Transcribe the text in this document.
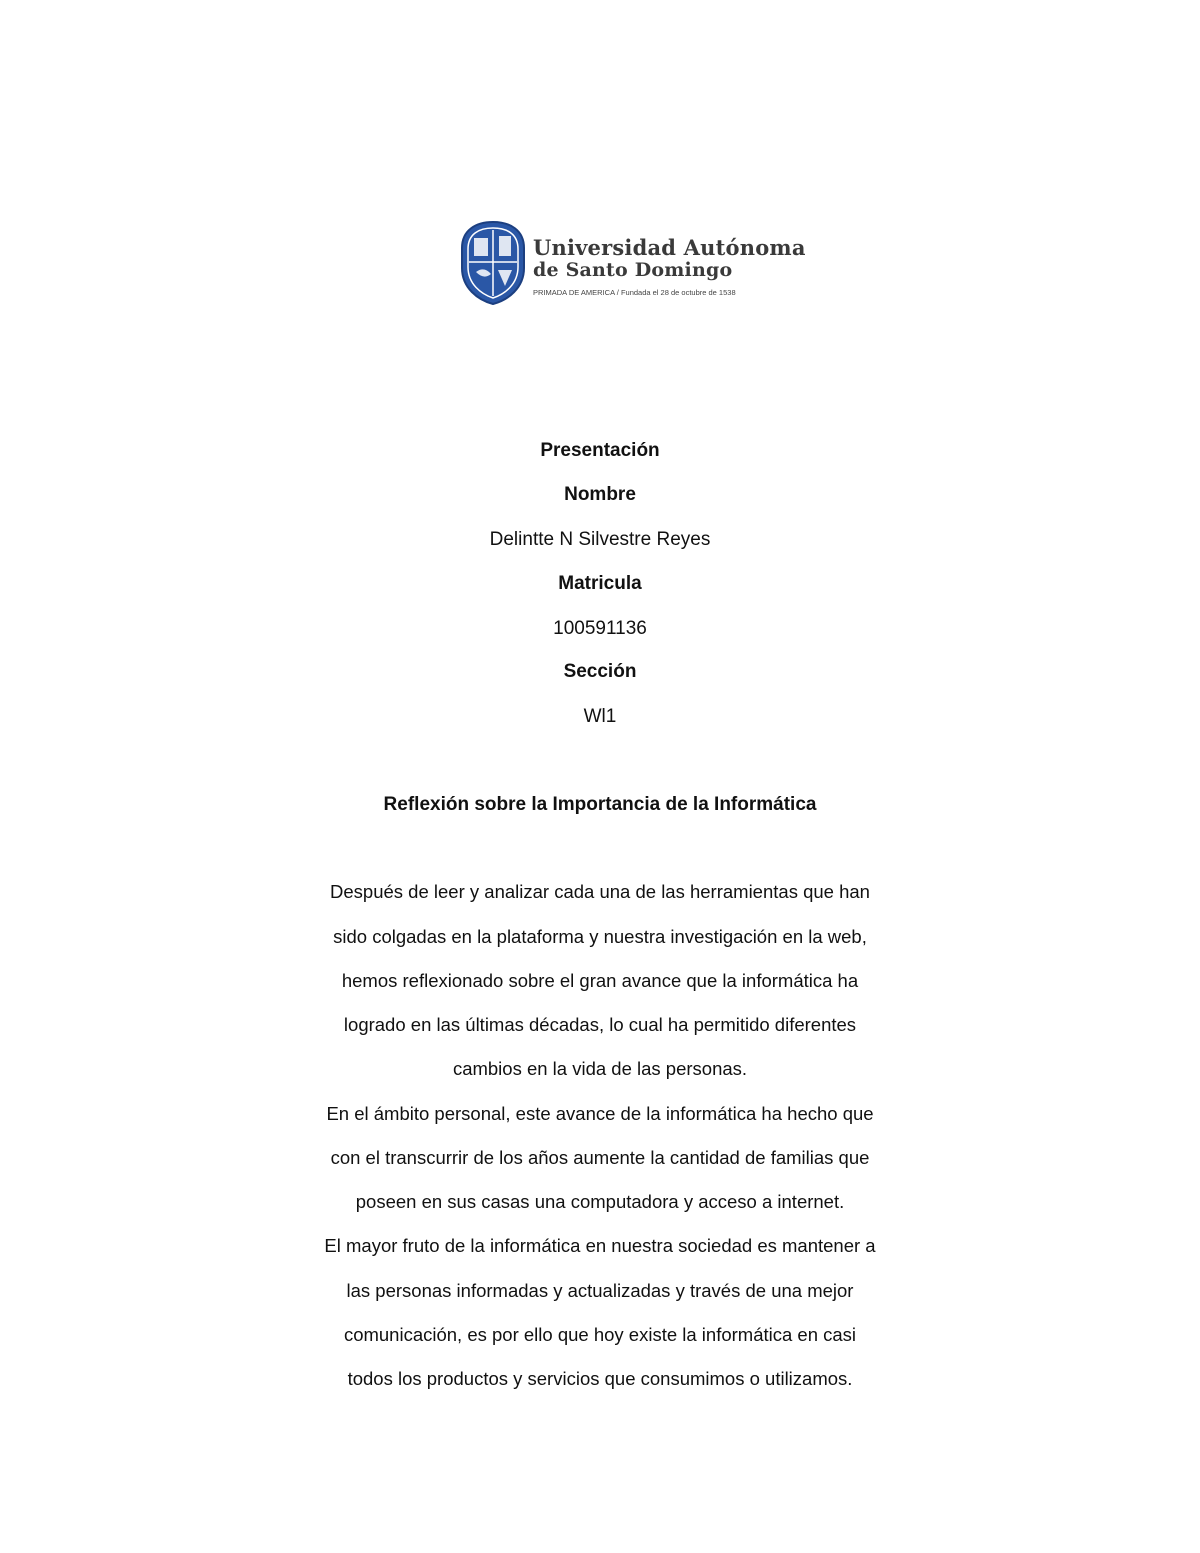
Universidad Autónoma
de Santo Domingo
PRIMADA DE AMERICA / Fundada el 28 de octubre de 1538
Presentación
Nombre
Delintte N Silvestre Reyes
Matricula
100591136
Sección
Wl1
Reflexión sobre la Importancia de la Informática
Después de leer y analizar cada una de las herramientas que han
sido colgadas en la plataforma y nuestra investigación en la web,
hemos reflexionado sobre el gran avance que la informática ha
logrado en las últimas décadas, lo cual ha permitido diferentes
cambios en la vida de las personas.
En el ámbito personal, este avance de la informática ha hecho que
con el transcurrir de los años aumente la cantidad de familias que
poseen en sus casas una computadora y acceso a internet.
El mayor fruto de la informática en nuestra sociedad es mantener a
las personas informadas y actualizadas y través de una mejor
comunicación, es por ello que hoy existe la informática en casi
todos los productos y servicios que consumimos o utilizamos.
